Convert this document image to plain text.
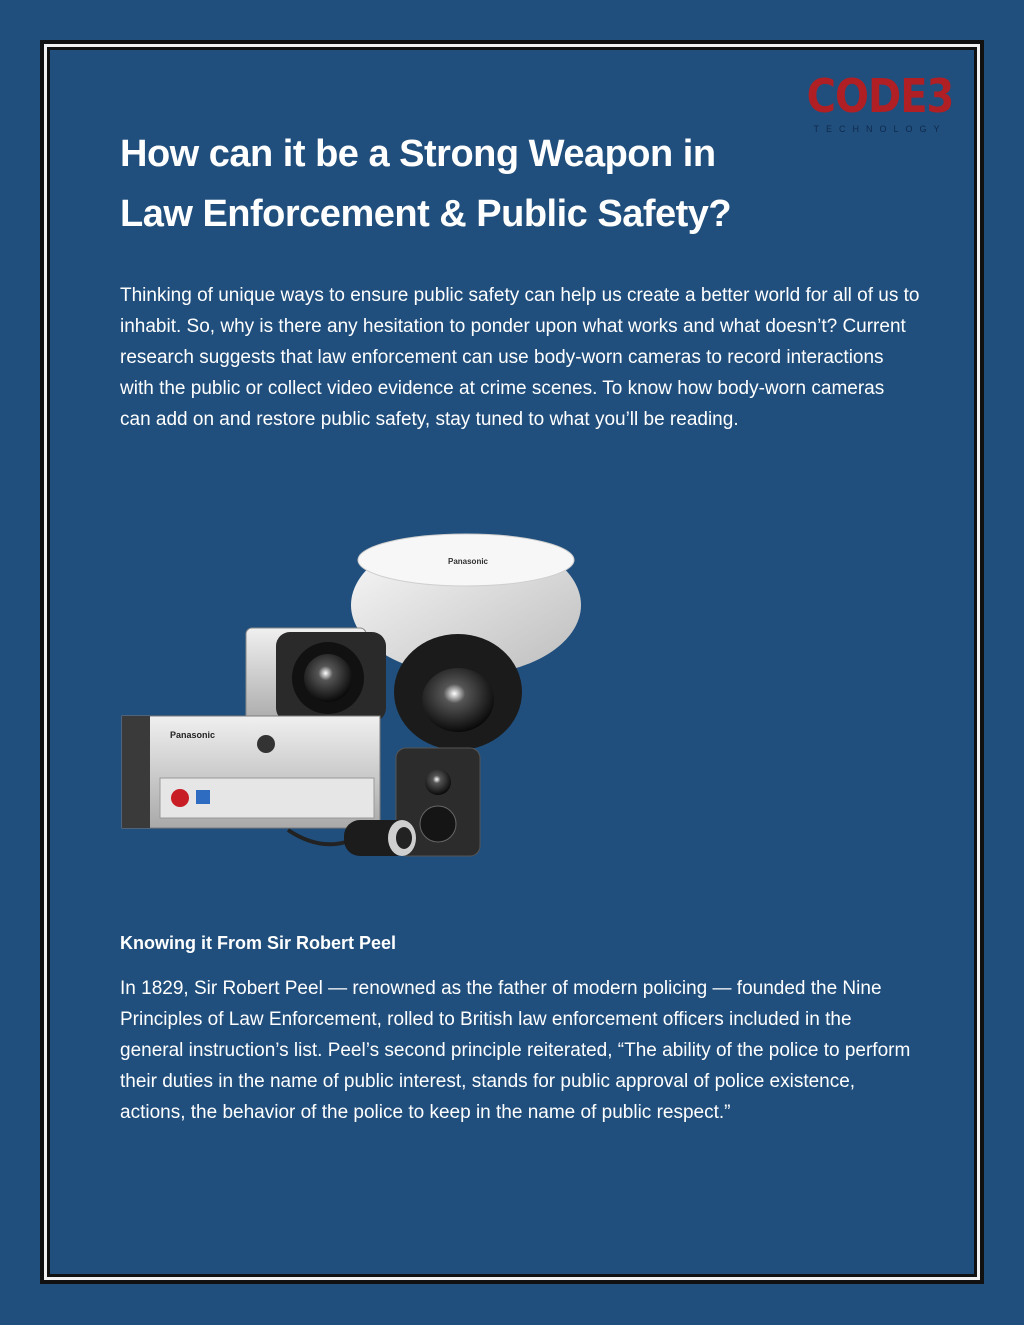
CODE3
TECHNOLOGY
How can it be a Strong Weapon in
Law Enforcement & Public Safety?

Thinking of unique ways to ensure public safety can help us create a better world for all of us to inhabit. So, why is there any hesitation to ponder upon what works and what doesn’t? Current research suggests that law enforcement can use body-worn cameras to record interactions with the public or collect video evidence at crime scenes. To know how body-worn cameras can add on and restore public safety, stay tuned to what you’ll be reading.

Panasonic
Panasonic
Knowing it From Sir Robert Peel

In 1829, Sir Robert Peel — renowned as the father of modern policing — founded the Nine Principles of Law Enforcement, rolled to British law enforcement officers included in the general instruction’s list. Peel’s second principle reiterated, “The ability of the police to perform their duties in the name of public interest, stands for public approval of police existence, actions, the behavior of the police to keep in the name of public respect.”
